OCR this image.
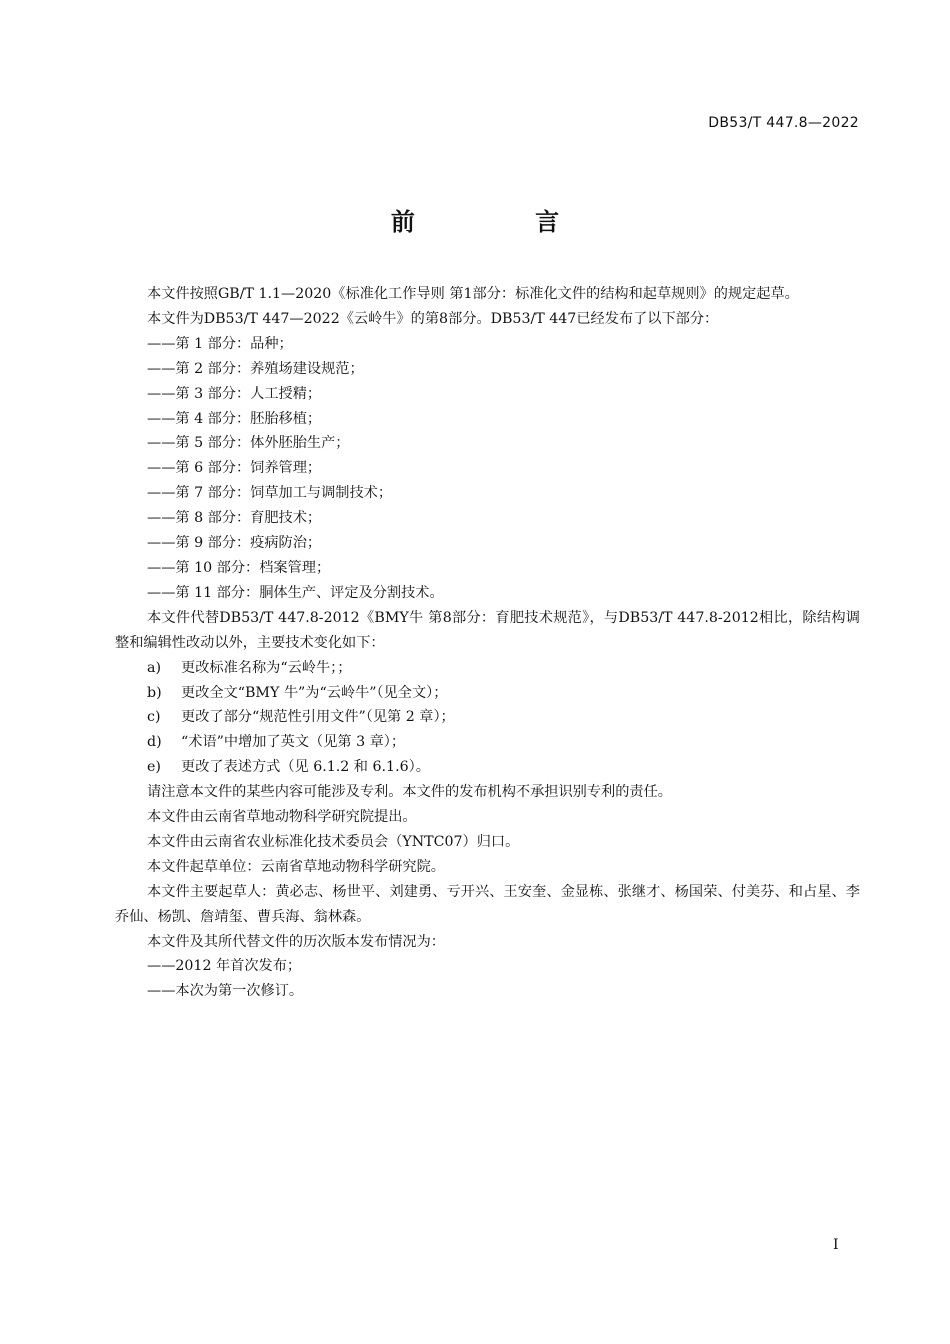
DB53/T 447.8—2022
前 言

本文件按照GB/T 1.1—2020《标准化工作导则 第1部分：标准化文件的结构和起草规则》的规定起草。

本文件为DB53/T 447—2022《云岭牛》的第8部分。DB53/T 447已经发布了以下部分：

——第 1 部分：品种；

——第 2 部分：养殖场建设规范；

——第 3 部分：人工授精；

——第 4 部分：胚胎移植；

——第 5 部分：体外胚胎生产；

——第 6 部分：饲养管理；

——第 7 部分：饲草加工与调制技术；

——第 8 部分：育肥技术；

——第 9 部分：疫病防治；

——第 10 部分：档案管理；

——第 11 部分：胴体生产、评定及分割技术。

本文件代替DB53/T 447.8-2012《BMY牛 第8部分：育肥技术规范》，与DB53/T 447.8-2012相比，除结构调整和编辑性改动以外，主要技术变化如下：

a)	更改标准名称为“云岭牛；；
b)	更改全文“BMY 牛”为“云岭牛”（见全文）；
c)	更改了部分“规范性引用文件”（见第 2 章）；
d)	“术语”中增加了英文（见第 3 章）；
e)	更改了表述方式（见 6.1.2 和 6.1.6）。

请注意本文件的某些内容可能涉及专利。本文件的发布机构不承担识别专利的责任。

本文件由云南省草地动物科学研究院提出。

本文件由云南省农业标准化技术委员会（YNTC07）归口。

本文件起草单位：云南省草地动物科学研究院。

本文件主要起草人：黄必志、杨世平、刘建勇、亏开兴、王安奎、金显栋、张继才、杨国荣、付美芬、和占星、李乔仙、杨凯、詹靖玺、曹兵海、翁林森。

本文件及其所代替文件的历次版本发布情况为：

——2012 年首次发布；

——本次为第一次修订。

I
